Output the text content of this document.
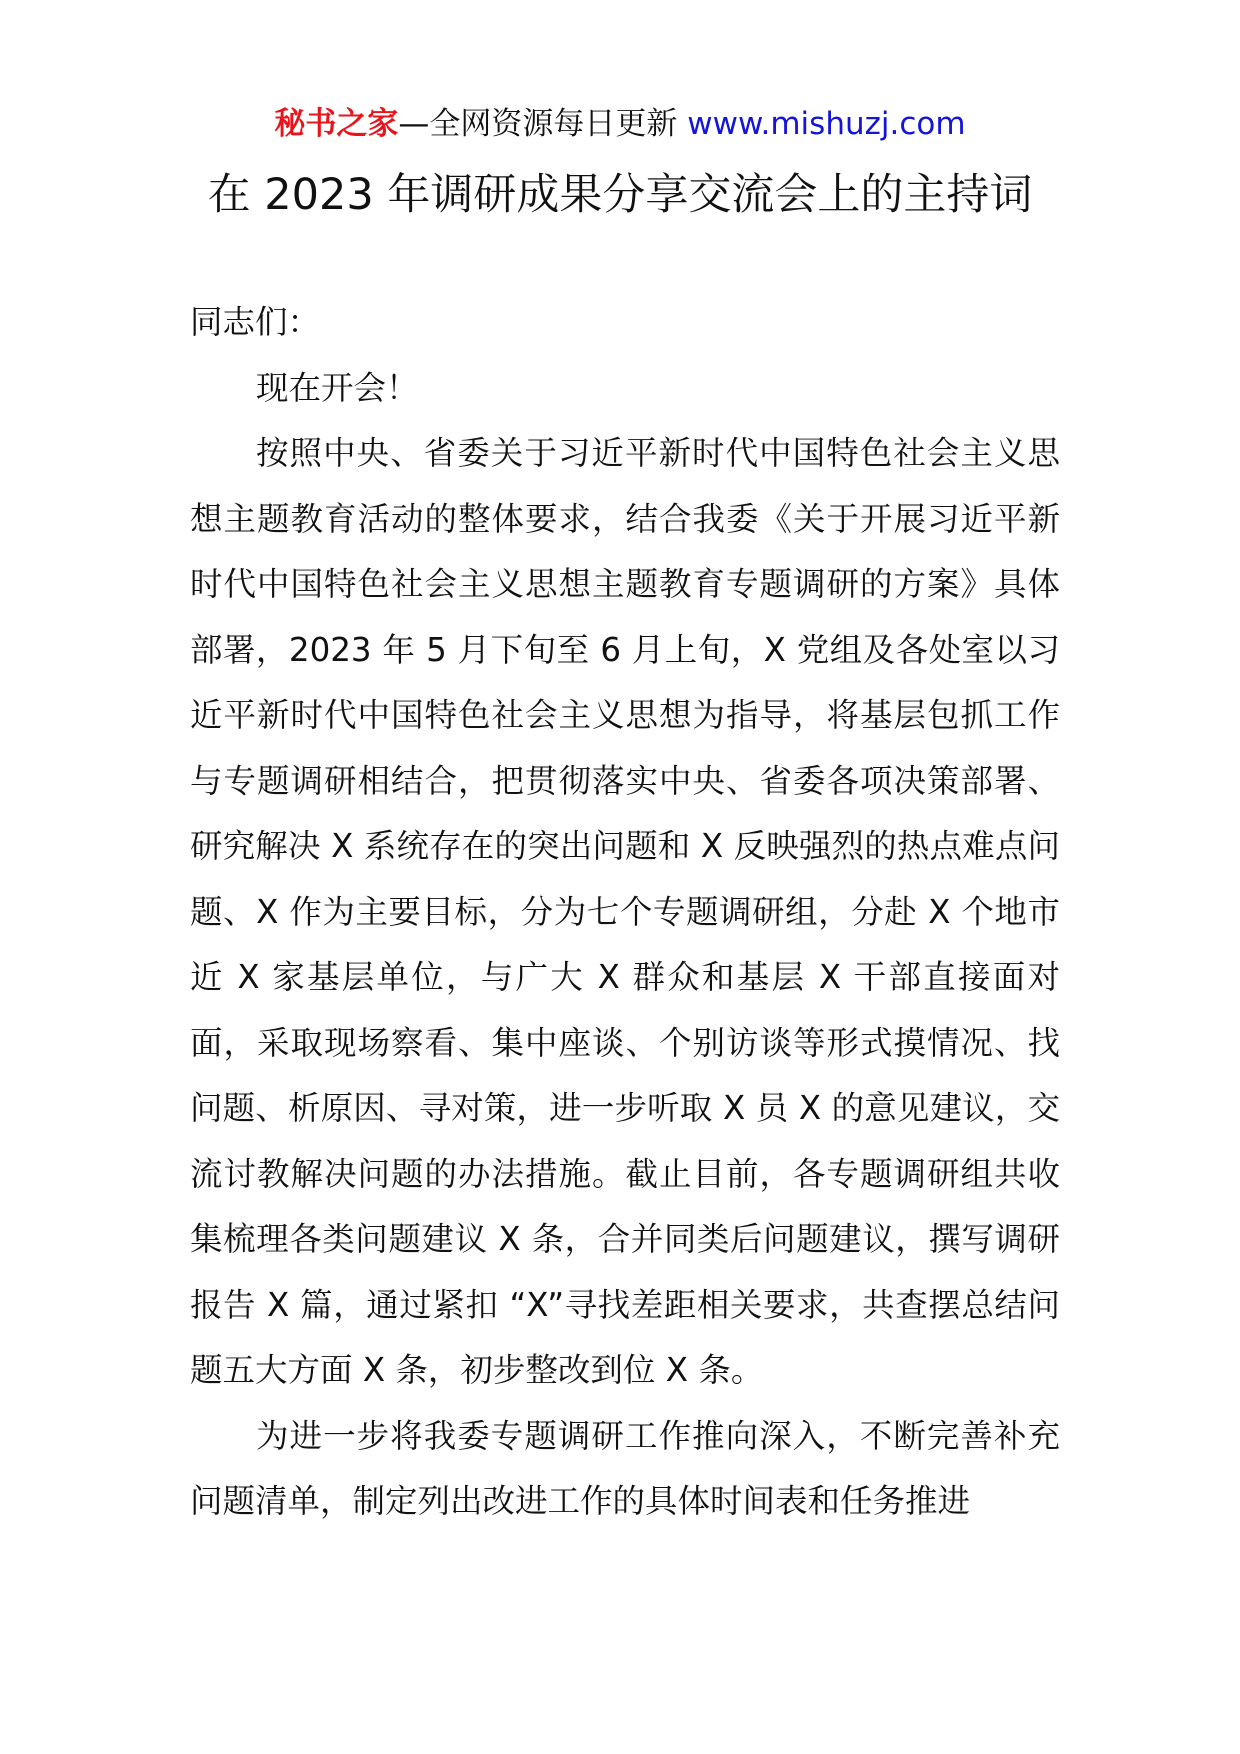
秘书之家—全网资源每日更新 www.mishuzj.com
在 2023 年调研成果分享交流会上的主持词

同志们：

现在开会！

按照中央、省委关于习近平新时代中国特色社会主义思想主题教育活动的整体要求，结合我委《关于开展习近平新时代中国特色社会主义思想主题教育专题调研的方案》具体部署，2023 年 5 月下旬至 6 月上旬，X 党组及各处室以习近平新时代中国特色社会主义思想为指导，将基层包抓工作与专题调研相结合，把贯彻落实中央、省委各项决策部署、研究解决 X 系统存在的突出问题和 X 反映强烈的热点难点问题、X 作为主要目标，分为七个专题调研组，分赴 X 个地市近 X 家基层单位，与广大 X 群众和基层 X 干部直接面对面，采取现场察看、集中座谈、个别访谈等形式摸情况、找问题、析原因、寻对策，进一步听取 X 员 X 的意见建议，交流讨教解决问题的办法措施。截止目前，各专题调研组共收集梳理各类问题建议 X 条，合并同类后问题建议，撰写调研报告 X 篇，通过紧扣 “X”寻找差距相关要求，共查摆总结问题五大方面 X 条，初步整改到位 X 条。

为进一步将我委专题调研工作推向深入，不断完善补充问题清单，制定列出改进工作的具体时间表和任务推进
